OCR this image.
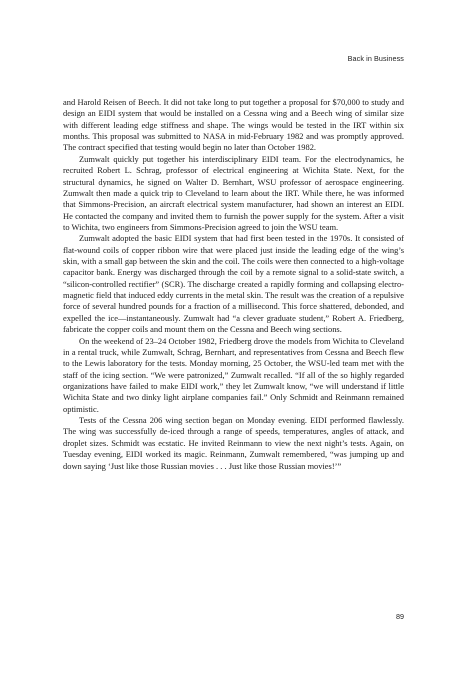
Back in Business

and Harold Reisen of Beech. It did not take long to put together a proposal for $70,000 to study and design an EIDI system that would be installed on a Cessna wing and a Beech wing of similar size with different leading edge stiffness and shape. The wings would be tested in the IRT within six months. This proposal was submitted to NASA in mid-February 1982 and was promptly approved. The contract specified that testing would begin no later than October 1982.

Zumwalt quickly put together his interdisciplinary EIDI team. For the electrodynamics, he recruited Robert L. Schrag, professor of electrical engineering at Wichita State. Next, for the structural dynamics, he signed on Walter D. Bernhart, WSU professor of aerospace engineering. Zumwalt then made a quick trip to Cleveland to learn about the IRT. While there, he was informed that Simmons-Precision, an aircraft electrical system manufacturer, had shown an interest an EIDI. He contacted the company and invited them to furnish the power supply for the system. After a visit to Wichita, two engineers from Simmons-Precision agreed to join the WSU team.

Zumwalt adopted the basic EIDI system that had first been tested in the 1970s. It consisted of flat-wound coils of copper ribbon wire that were placed just inside the leading edge of the wing’s skin, with a small gap between the skin and the coil. The coils were then connected to a high-voltage capacitor bank. Energy was discharged through the coil by a remote signal to a solid-state switch, a “silicon-controlled rectifier” (SCR). The discharge created a rapidly forming and collapsing electro-magnetic field that induced eddy currents in the metal skin. The result was the creation of a repulsive force of several hundred pounds for a fraction of a millisecond. This force shattered, debonded, and expelled the ice—instantaneously. Zumwalt had “a clever graduate student,” Robert A. Friedberg, fabricate the copper coils and mount them on the Cessna and Beech wing sections.

On the weekend of 23–24 October 1982, Friedberg drove the models from Wichita to Cleveland in a rental truck, while Zumwalt, Schrag, Bernhart, and representatives from Cessna and Beech flew to the Lewis laboratory for the tests. Monday morning, 25 October, the WSU-led team met with the staff of the icing section. “We were patronized,” Zumwalt recalled. “If all of the so highly regarded organizations have failed to make EIDI work,” they let Zumwalt know, “we will understand if little Wichita State and two dinky light airplane companies fail.” Only Schmidt and Reinmann remained optimistic.

Tests of the Cessna 206 wing section began on Monday evening. EIDI performed flawlessly. The wing was successfully de-iced through a range of speeds, temperatures, angles of attack, and droplet sizes. Schmidt was ecstatic. He invited Reinmann to view the next night’s tests. Again, on Tuesday evening, EIDI worked its magic. Reinmann, Zumwalt remembered, “was jumping up and down saying ‘Just like those Russian movies . . . Just like those Russian movies!’”

89
